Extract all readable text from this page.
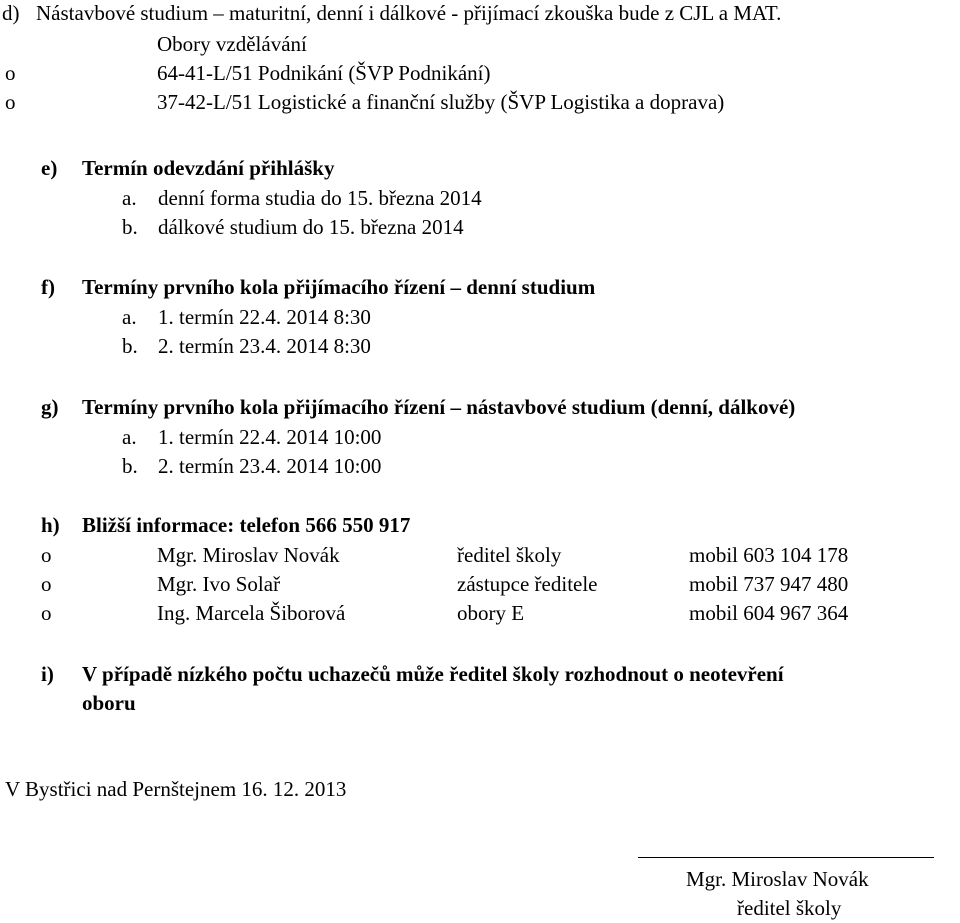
d) Nástavbové studium – maturitní, denní i dálkové - přijímací zkouška bude z CJL a MAT.
Obory vzdělávání
o	64-41-L/51 Podnikání (ŠVP Podnikání)
o	37-42-L/51 Logistické a finanční služby (ŠVP Logistika a doprava)
e) Termín odevzdání přihlášky
a. denní forma studia do 15. března 2014
b. dálkové studium do 15. března 2014
f) Termíny prvního kola přijímacího řízení – denní studium
a. 1. termín 22.4. 2014 8:30
b. 2. termín 23.4. 2014 8:30
g) Termíny prvního kola přijímacího řízení – nástavbové studium (denní, dálkové)
a. 1. termín 22.4. 2014 10:00
b. 2. termín 23.4. 2014 10:00
h) Bližší informace: telefon 566 550 917
o	Mgr. Miroslav Novák	ředitel školy	mobil 603 104 178
o	Mgr. Ivo Solař	zástupce ředitele	mobil 737 947 480
o	Ing. Marcela Šiborová	obory E	mobil 604 967 364
i) V případě nízkého počtu uchazečů může ředitel školy rozhodnout o neotevření
oboru
V Bystřici nad Pernštejnem 16. 12. 2013
Mgr. Miroslav Novák
ředitel školy
